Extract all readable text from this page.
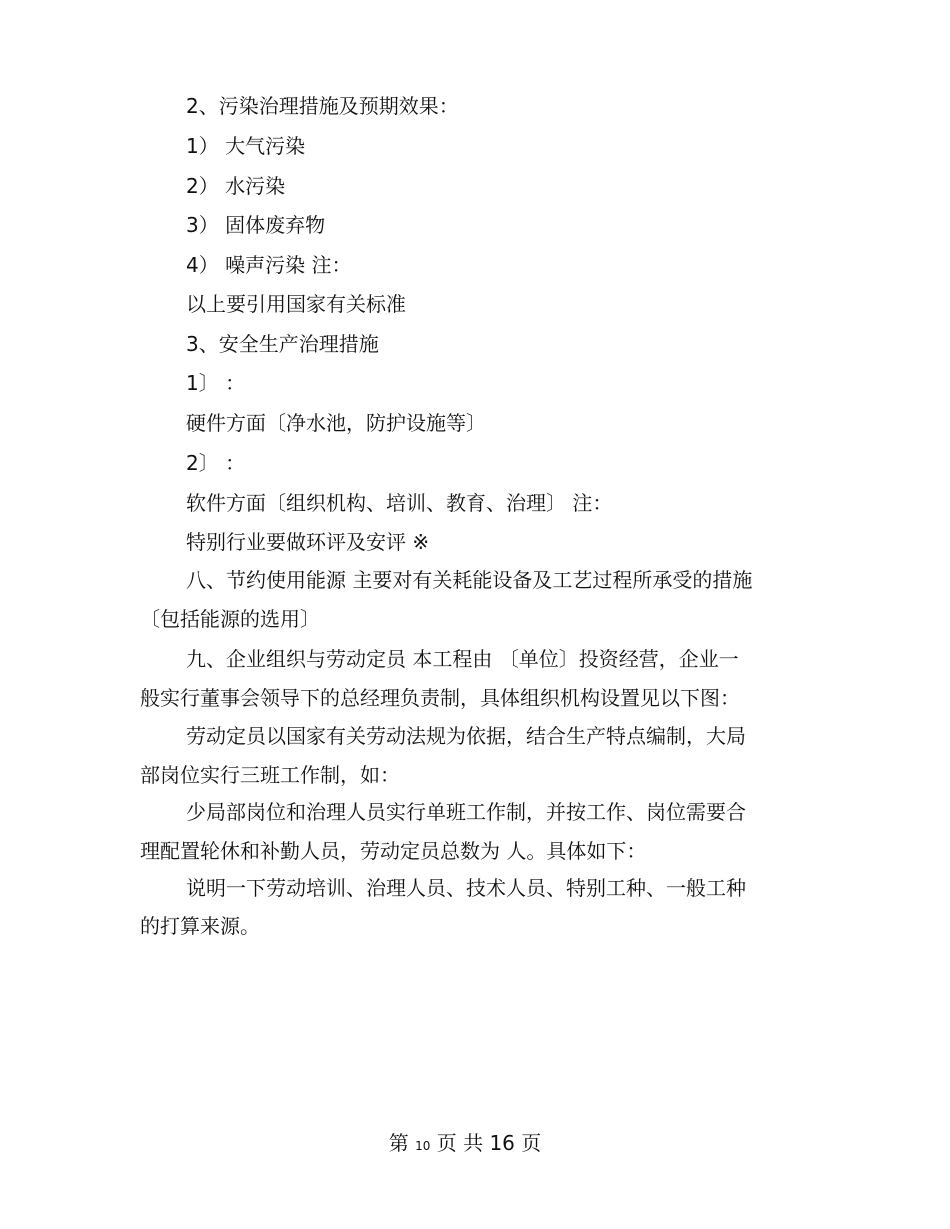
2、污染治理措施及预期效果：

1） 大气污染

2） 水污染

3） 固体废弃物

4） 噪声污染 注：

以上要引用国家有关标准

3、安全生产治理措施

1〕 ：

硬件方面〔净水池，防护设施等〕

2〕 ：

软件方面〔组织机构、培训、教育、治理〕 注：

特别行业要做环评及安评 ※

八、节约使用能源 主要对有关耗能设备及工艺过程所承受的措施

〔包括能源的选用〕

九、企业组织与劳动定员 本工程由 〔单位〕投资经营，企业一

般实行董事会领导下的总经理负责制，具体组织机构设置见以下图：

劳动定员以国家有关劳动法规为依据，结合生产特点编制，大局

部岗位实行三班工作制，如：

少局部岗位和治理人员实行单班工作制，并按工作、岗位需要合

理配置轮休和补勤人员，劳动定员总数为 人。具体如下：

说明一下劳动培训、治理人员、技术人员、特别工种、一般工种

的打算来源。

第 10 页 共 16 页
